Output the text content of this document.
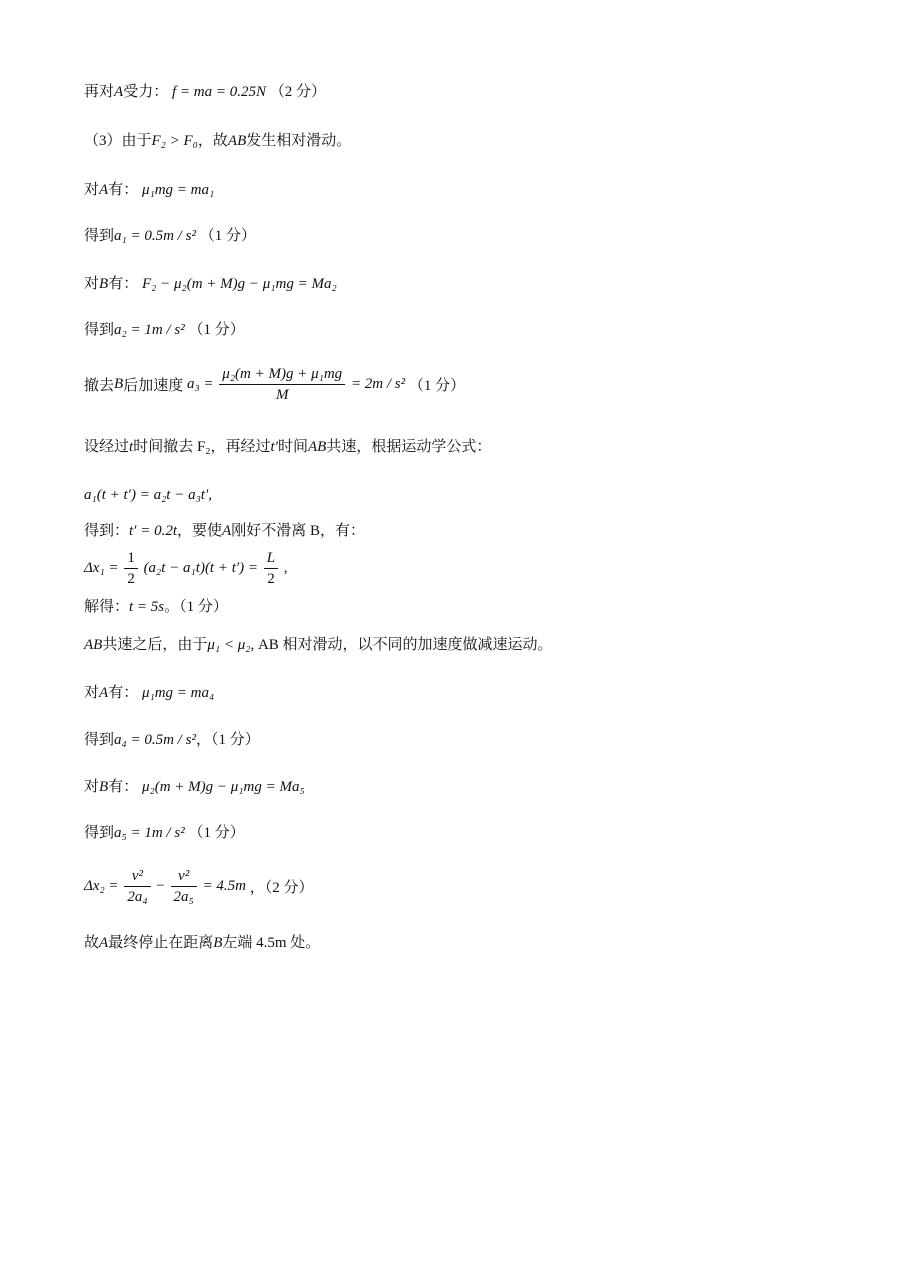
再对A受力： f = ma = 0.25N （2 分）
（3）由于F₂ > F₀，故AB发生相对滑动。
对A有： μ₁mg = ma₁
得到a₁ = 0.5m / s² （1 分）
对B有： F₂ − μ₂(m + M)g − μ₁mg = Ma₂
得到a₂ = 1m / s² （1 分）
撤去B后加速度 $a_3 = \frac{\text{μ₂(m + M)g + μ₁mg}}{M} = 2m / s^2$ （1 分）
设经过t时间撤去 F₂，再经过t′时间AB共速，根据运动学公式：
a₁(t + t′) = a₂t − a₃t′,
得到：t′ = 0.2t，要使A刚好不滑离 B，有：
$\Delta x_1 = \frac{1}{2} (a_2t - a_1t)(t + t') = \frac{L}{2}$ ,
解得：t = 5s。（1 分）
AB共速之后，由于μ₁ < μ₂, AB 相对滑动，以不同的加速度做减速运动。
对A有： μ₁mg = ma₄
得到a₄ = 0.5m / s²，（1 分）
对B有： μ₂(m + M)g − μ₁mg = Ma₅
得到a₅ = 1m / s² （1 分）
$\Delta x_2 = \frac{\text{v²}}{\text{2a₄}} - \frac{\text{v²}}{\text{2a₅}} = 4.5m$ ，（2 分）
故A最终停止在距离B左端 4.5m 处。
